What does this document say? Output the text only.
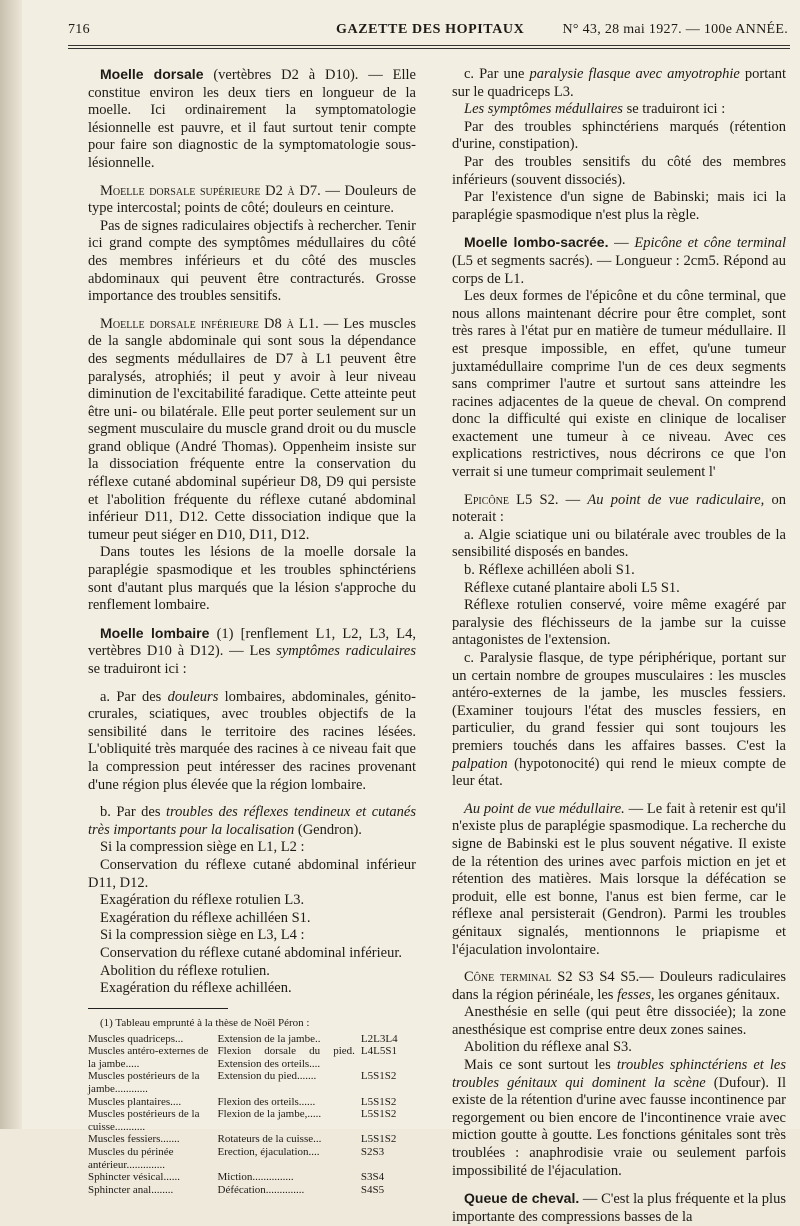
716	GAZETTE DES HOPITAUX	N° 43, 28 mai 1927. — 100e ANNÉE.

Moelle dorsale (vertèbres D2 à D10). — Elle constitue environ les deux tiers en longueur de la moelle. Ici ordinairement la symptomatologie lésionnelle est pauvre, et il faut surtout tenir compte pour faire son diagnostic de la symptomatologie sous-lésionnelle.

Moelle dorsale supérieure D2 à D7. — Douleurs de type intercostal; points de côté; douleurs en ceinture.

Pas de signes radiculaires objectifs à rechercher. Tenir ici grand compte des symptômes médullaires du côté des membres inférieurs et du côté des muscles abdominaux qui peuvent être contracturés. Grosse importance des troubles sensitifs.

Moelle dorsale inférieure D8 à L1. — Les muscles de la sangle abdominale qui sont sous la dépendance des segments médullaires de D7 à L1 peuvent être paralysés, atrophiés; il peut y avoir à leur niveau diminution de l'excitabilité faradique. Cette atteinte peut être uni- ou bilatérale. Elle peut porter seulement sur un segment musculaire du muscle grand droit ou du muscle grand oblique (André Thomas). Oppenheim insiste sur la dissociation fréquente entre la conservation du réflexe cutané abdominal supérieur D8, D9 qui persiste et l'abolition fréquente du réflexe cutané abdominal inférieur D11, D12. Cette dissociation indique que la tumeur peut siéger en D10, D11, D12.

Dans toutes les lésions de la moelle dorsale la paraplégie spasmodique et les troubles sphinctériens sont d'autant plus marqués que la lésion s'approche du renflement lombaire.

Moelle lombaire (1) [renflement L1, L2, L3, L4, vertèbres D10 à D12). — Les symptômes radiculaires se traduiront ici :

a. Par des douleurs lombaires, abdominales, génito-crurales, sciatiques, avec troubles objectifs de la sensibilité dans le territoire des racines lésées. L'obliquité très marquée des racines à ce niveau fait que la compression peut intéresser des racines provenant d'une région plus élevée que la région lombaire.

b. Par des troubles des réflexes tendineux et cutanés très importants pour la localisation (Gendron).

Si la compression siège en L1, L2 :

Conservation du réflexe cutané abdominal inférieur D11, D12.

Exagération du réflexe rotulien L3.

Exagération du réflexe achilléen S1.

Si la compression siège en L3, L4 :

Conservation du réflexe cutané abdominal inférieur.

Abolition du réflexe rotulien.

Exagération du réflexe achilléen.

(1) Tableau emprunté à la thèse de Noël Péron :

Muscles quadriceps...	Extension de la jambe..	L2L3L4
Muscles antéro-externes de la jambe.....	Flexion dorsale du pied. Extension des orteils....	L4L5S1
Muscles postérieurs de la jambe............	Extension du pied.......	L5S1S2
Muscles plantaires....	Flexion des orteils......	L5S1S2
Muscles postérieurs de la cuisse...........	Flexion de la jambe,.....	L5S1S2
Muscles fessiers.......	Rotateurs de la cuisse...	L5S1S2
Muscles du périnée antérieur..............	Erection, éjaculation....	S2S3
Sphincter vésical......	Miction...............	S3S4
Sphincter anal........	Défécation..............	S4S5

c. Par une paralysie flasque avec amyotrophie portant sur le quadriceps L3.

Les symptômes médullaires se traduiront ici :

Par des troubles sphinctériens marqués (rétention d'urine, constipation).

Par des troubles sensitifs du côté des membres inférieurs (souvent dissociés).

Par l'existence d'un signe de Babinski; mais ici la paraplégie spasmodique n'est plus la règle.

Moelle lombo-sacrée. — Epicône et cône terminal (L5 et segments sacrés). — Longueur : 2cm5. Répond au corps de L1.

Les deux formes de l'épicône et du cône terminal, que nous allons maintenant décrire pour être complet, sont très rares à l'état pur en matière de tumeur médullaire. Il est presque impossible, en effet, qu'une tumeur juxtamédullaire comprime l'un de ces deux segments sans comprimer l'autre et surtout sans atteindre les racines adjacentes de la queue de cheval. On comprend donc la difficulté qui existe en clinique de localiser exactement une tumeur à ce niveau. Avec ces explications restrictives, nous décrirons ce que l'on verrait si une tumeur comprimait seulement l'

Epicône L5 S2. — Au point de vue radiculaire, on noterait :

a. Algie sciatique uni ou bilatérale avec troubles de la sensibilité disposés en bandes.

b. Réflexe achilléen aboli S1.

Réflexe cutané plantaire aboli L5 S1.

Réflexe rotulien conservé, voire même exagéré par paralysie des fléchisseurs de la jambe sur la cuisse antagonistes de l'extension.

c. Paralysie flasque, de type périphérique, portant sur un certain nombre de groupes musculaires : les muscles antéro-externes de la jambe, les muscles fessiers. (Examiner toujours l'état des muscles fessiers, en particulier, du grand fessier qui sont toujours les premiers touchés dans les affaires basses. C'est la palpation (hypotonocité) qui rend le mieux compte de leur état.

Au point de vue médullaire. — Le fait à retenir est qu'il n'existe plus de paraplégie spasmodique. La recherche du signe de Babinski est le plus souvent négative. Il existe de la rétention des urines avec parfois miction en jet et rétention des matières. Mais lorsque la défécation se produit, elle est bonne, l'anus est bien ferme, car le réflexe anal persisterait (Gendron). Parmi les troubles génitaux signalés, mentionnons le priapisme et l'éjaculation involontaire.

Cône terminal S2 S3 S4 S5.— Douleurs radiculaires dans la région périnéale, les fesses, les organes génitaux.

Anesthésie en selle (qui peut être dissociée); la zone anesthésique est comprise entre deux zones saines.

Abolition du réflexe anal S3.

Mais ce sont surtout les troubles sphinctériens et les troubles génitaux qui dominent la scène (Dufour). Il existe de la rétention d'urine avec fausse incontinence par regorgement ou bien encore de l'incontinence vraie avec miction goutte à goutte. Les fonctions génitales sont très troublées : anaphrodisie vraie ou seulement parfois impossibilité de l'éjaculation.

Queue de cheval. — C'est la plus fréquente et la plus importante des compressions basses de la
